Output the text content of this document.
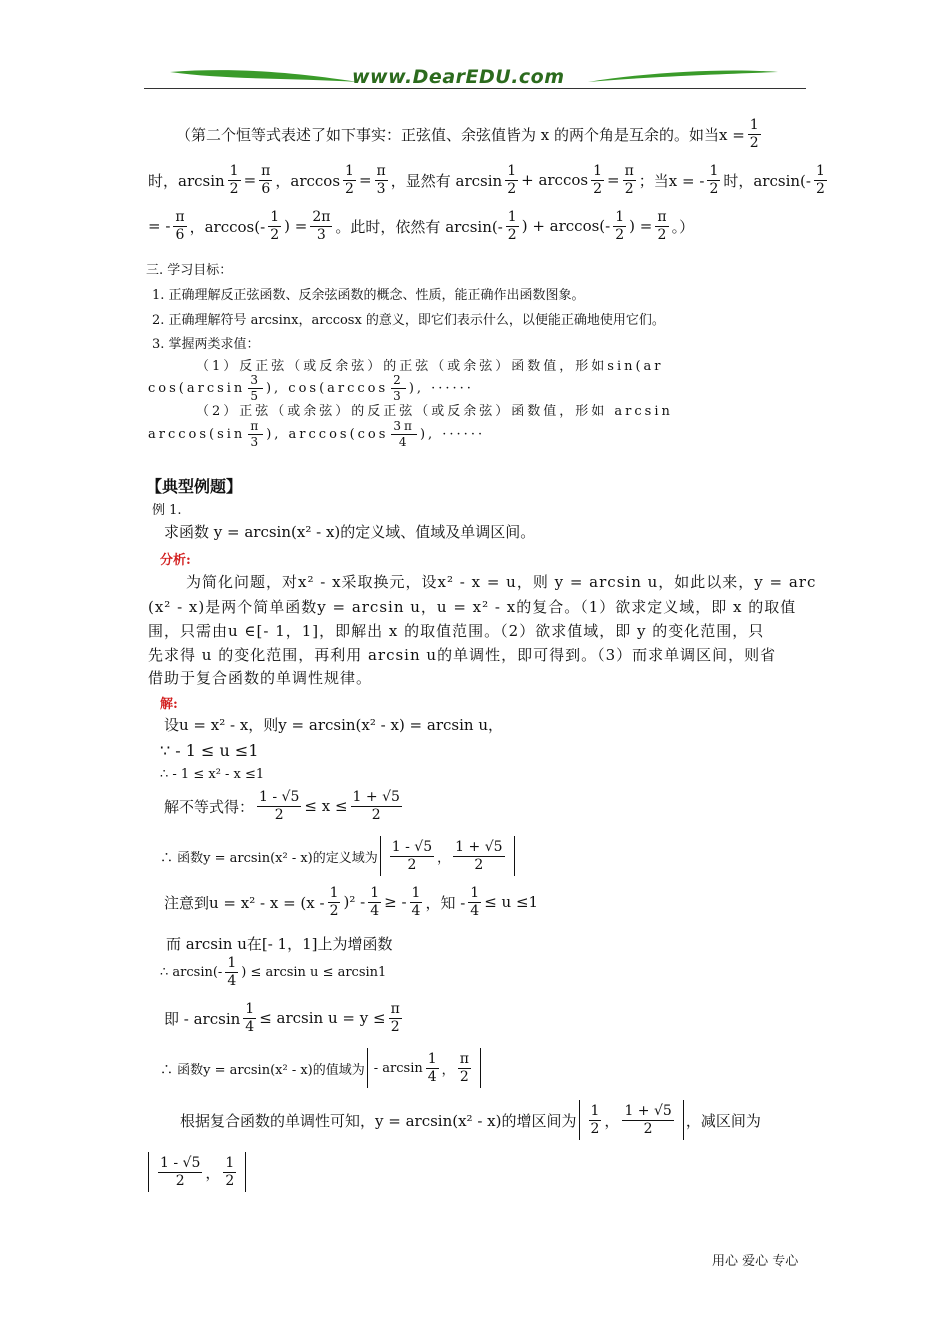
www.DearEDU.com
（第二个恒等式表述了如下事实：正弦值、余弦值皆为 x 的两个角是互余的。如当$x = \frac{1}{2}$
时，$\arcsin \frac{1}{2} = \frac{\pi}{6}$ ，$\arccos \frac{1}{2} = \frac{\pi}{3}$ ，显然有 $\arcsin \frac{1}{2} + \arccos \frac{1}{2} = \frac{\pi}{2}$ ；当x = - $\frac{1}{2}$ 时，$\arcsin(- \frac{1}{2}$
= - $\frac{\pi}{6}$ ，$\arccos(- \frac{1}{2}$ ) = $\frac{2\pi}{3}$ 。此时，依然有 $\arcsin(- \frac{1}{2}$ ) + $\arccos(- \frac{1}{2}$ ) = $\frac{\pi}{2}$ 。）
三. 学习目标：
1. 正确理解反正弦函数、反余弦函数的概念、性质，能正确作出函数图象。
2. 正确理解符号 arcsinx，arccosx 的意义，即它们表示什么，以便能正确地使用它们。
3. 掌握两类求值：
（1）反正弦（或反余弦）的正弦（或余弦）函数值，形如sin(ar
$\cos(\arcsin \frac{3}{5}$ ), $\cos(\arccos \frac{2}{3}$ ), ······
（2）正弦（或余弦）的反正弦（或反余弦）函数值，形如 arcsin
$\arccos(\sin \frac{\pi}{3}$ ), $\arccos(\cos \frac{3\pi}{4}$ ), ······
【典型例题】
例 1.
求函数 y = arcsin(x² - x)的定义域、值域及单调区间。
分析:
为简化问题，对x² - x采取换元，设x² - x = u，则 y = arcsin u，如此以来，y = arc
(x² - x)是两个简单函数y = arcsin u，u = x² - x的复合。（1）欲求定义域，即 x 的取值
围，只需由u ∈[- 1，1]，即解出 x 的取值范围。（2）欲求值域，即 y 的变化范围，只
先求得 u 的变化范围，再利用 arcsin u的单调性，即可得到。（3）而求单调区间，则省
借助于复合函数的单调性规律。
解:
设u = x² - x，则y = arcsin(x² - x) = arcsin u，
∵ - 1 ≤ u ≤1
∴ - 1 ≤ x² - x ≤1
解不等式得： $\frac{1 - √5}{2} \le x \le \frac{1 + √5}{2}$
∴ 函数y = arcsin(x² - x)的定义域为 $\frac{1 - √5}{2}$ ， $\frac{1 + √5}{2}$
注意到$u = x^2 - x = (x - \frac{1}{2} )^2 - \frac{1}{4}$ ≥ - $\frac{1}{4}$ ，知 - $\frac{1}{4} \le u \le 1$
而 arcsin u在[- 1，1]上为增函数
∴ $\arcsin(- \frac{1}{4}$ ) ≤ arcsin u ≤ arcsin1
即 - $\arcsin \frac{1}{4} \le \arcsin u = y \le \frac{\pi}{2}$
∴ 函数y = arcsin(x² - x)的值域为 - $\arcsin \frac{1}{4}$ ， $\frac{\pi}{2}$
根据复合函数的单调性可知，y = arcsin(x² - x)的增区间为 $\frac{1}{2}$ ， $\frac{1 + √5}{2}$ ，减区间为
$\frac{1 - √5}{2}$ ， $\frac{1}{2}$
用心 爱心 专心
